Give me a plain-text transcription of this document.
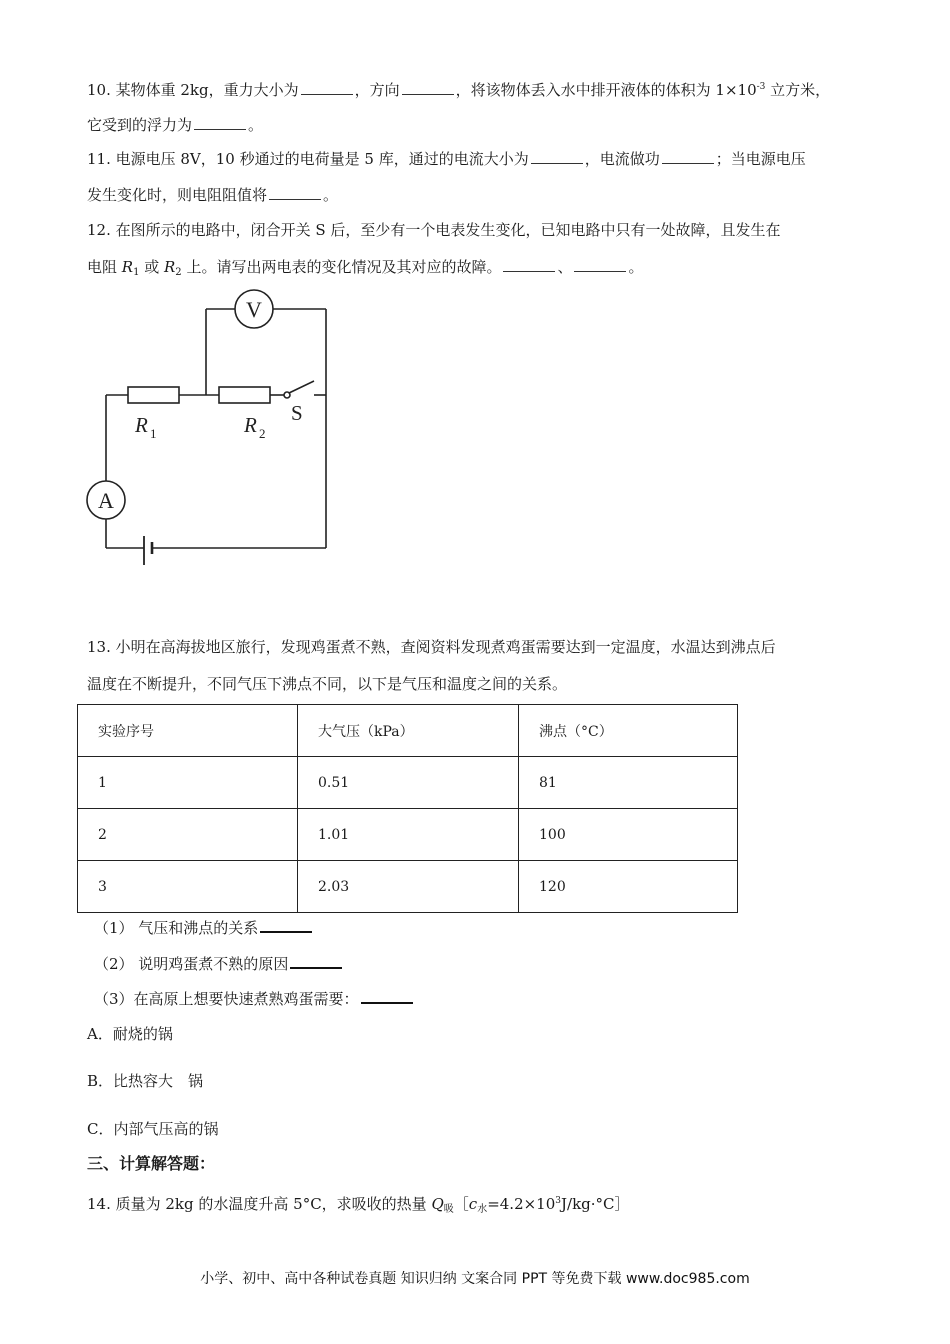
10. 某物体重 2kg，重力大小为	，方向	，将该物体丢入水中排开液体的体积为 $1\times 10^{-3}$ 立方米，
它受到的浮力为	。
11. 电源电压 8V，10 秒通过的电荷量是 5 库，通过的电流大小为	，电流做功	；当电源电压
发生变化时，则电阻阻值将	。
12. 在图所示的电路中，闭合开关 S 后，至少有一个电表发生变化，已知电路中只有一处故障，且发生在
电阻 $R_1$ 或 $R_2$ 上。请写出两电表的变化情况及其对应的故障。	、	。
V
A
S
R 1	R 2
13. 小明在高海拔地区旅行，发现鸡蛋煮不熟，查阅资料发现煮鸡蛋需要达到一定温度，水温达到沸点后
温度在不断提升，不同气压下沸点不同，以下是气压和温度之间的关系。
实验序号	大气压（kPa）	沸点（°C）
1	0.51	81
2	1.01	100
3	2.03	120
（1） 气压和沸点的关系
（2） 说明鸡蛋煮不熟的原因
（3）在高原上想要快速煮熟鸡蛋需要：
A．耐烧的锅
B．比热容大　锅
C．内部气压高的锅
三、计算解答题：
14. 质量为 2kg 的水温度升高 5°C，求吸收的热量 $Q_吸[c_水=4.2\times 10^3J/kg\cdot^\circ C]$
小学、初中、高中各种试卷真题 知识归纳 文案合同 PPT 等免费下载 www.doc985.com
